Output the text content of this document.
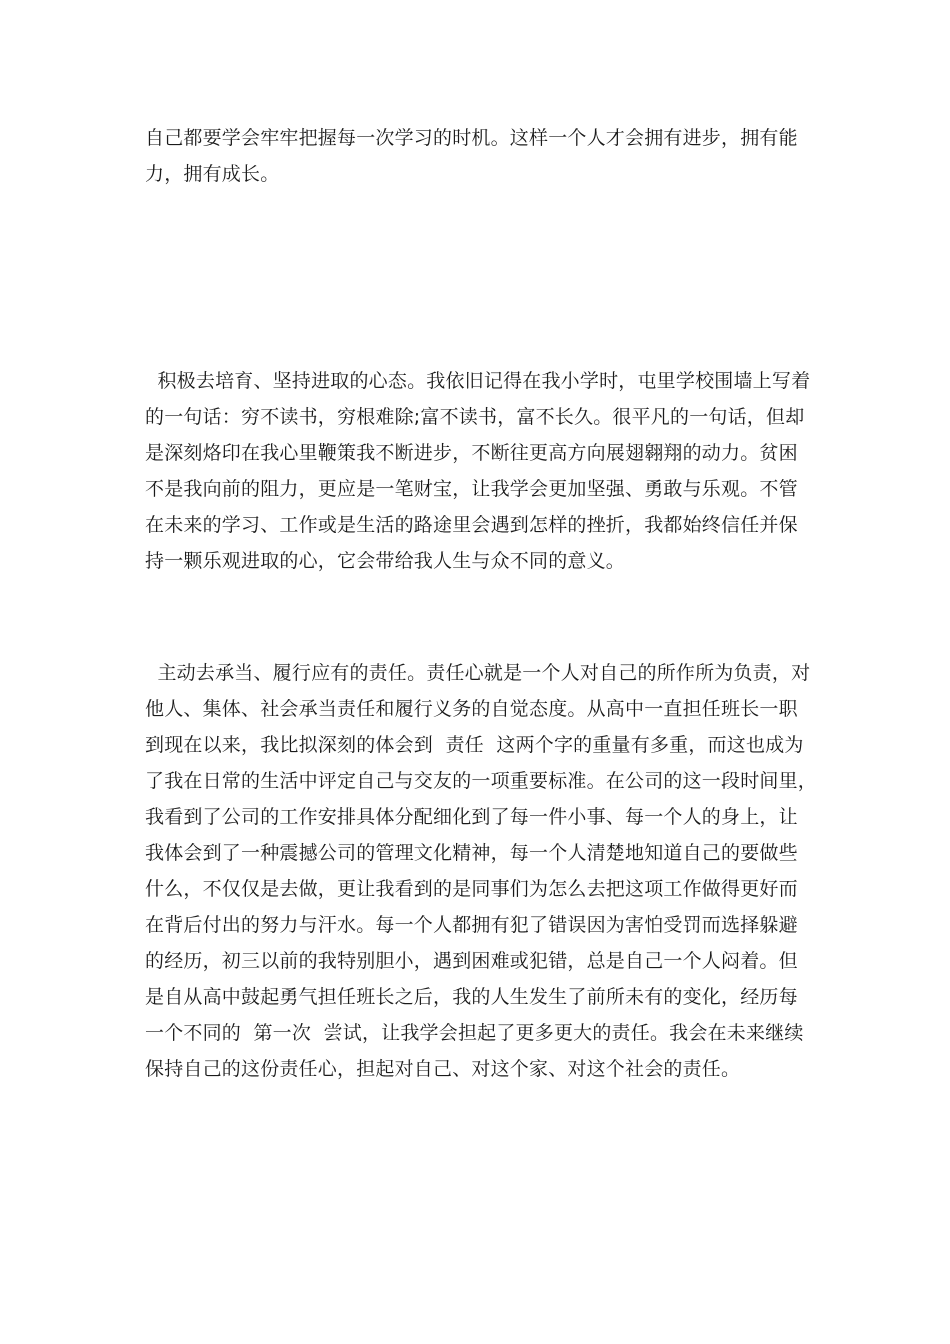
自己都要学会牢牢把握每一次学习的时机。这样一个人才会拥有进步，拥有能
力，拥有成长。

积极去培育、坚持进取的心态。我依旧记得在我小学时，屯里学校围墙上写着
的一句话：穷不读书，穷根难除;富不读书，富不长久。很平凡的一句话，但却
是深刻烙印在我心里鞭策我不断进步，不断往更高方向展翅翱翔的动力。贫困
不是我向前的阻力，更应是一笔财宝，让我学会更加坚强、勇敢与乐观。不管
在未来的学习、工作或是生活的路途里会遇到怎样的挫折，我都始终信任并保
持一颗乐观进取的心，它会带给我人生与众不同的意义。

主动去承当、履行应有的责任。责任心就是一个人对自己的所作所为负责，对
他人、集体、社会承当责任和履行义务的自觉态度。从高中一直担任班长一职
到现在以来，我比拟深刻的体会到  责任  这两个字的重量有多重，而这也成为
了我在日常的生活中评定自己与交友的一项重要标准。在公司的这一段时间里，
我看到了公司的工作安排具体分配细化到了每一件小事、每一个人的身上，让
我体会到了一种震撼公司的管理文化精神，每一个人清楚地知道自己的要做些
什么，不仅仅是去做，更让我看到的是同事们为怎么去把这项工作做得更好而
在背后付出的努力与汗水。每一个人都拥有犯了错误因为害怕受罚而选择躲避
的经历，初三以前的我特别胆小，遇到困难或犯错，总是自己一个人闷着。但
是自从高中鼓起勇气担任班长之后，我的人生发生了前所未有的变化，经历每
一个不同的  第一次  尝试，让我学会担起了更多更大的责任。我会在未来继续
保持自己的这份责任心，担起对自己、对这个家、对这个社会的责任。
